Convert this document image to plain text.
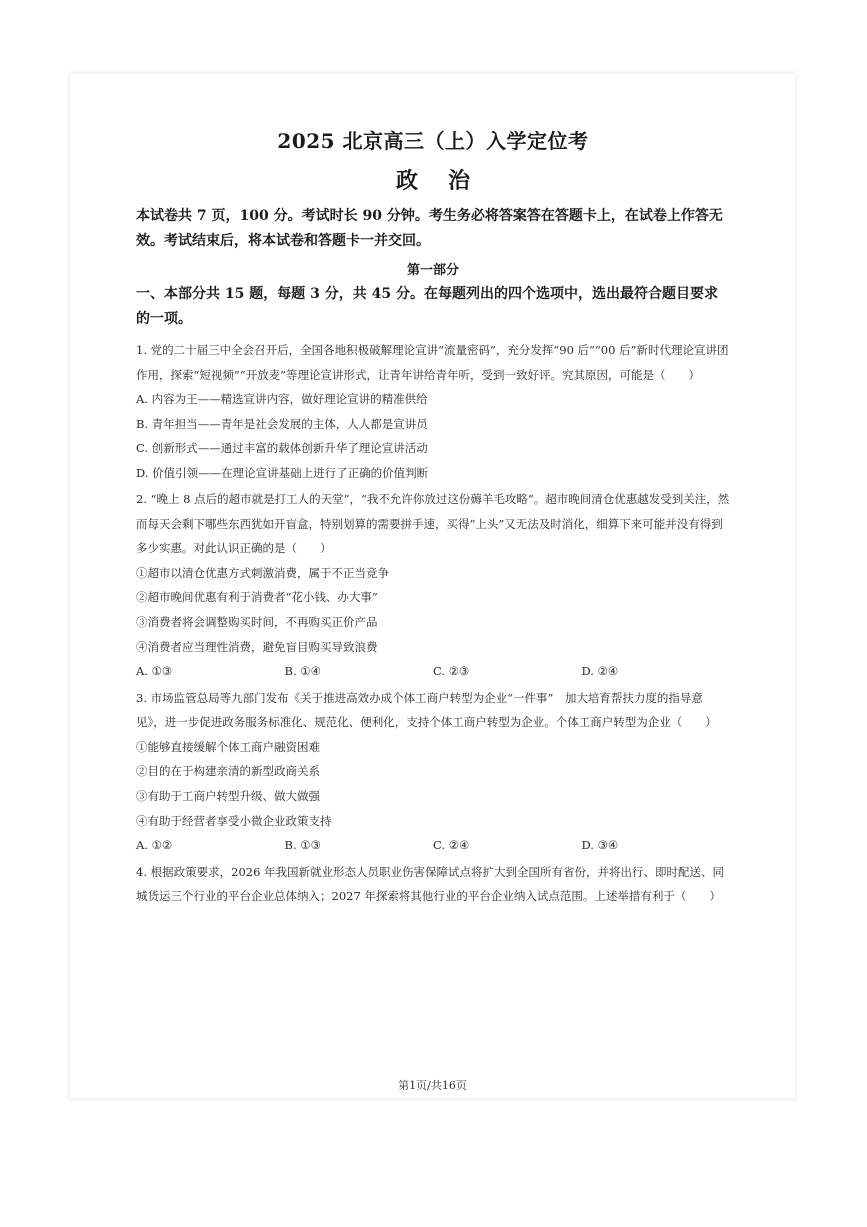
2025 北京高三（上）入学定位考
政治
本试卷共 7 页，100 分。考试时长 90 分钟。考生务必将答案答在答题卡上，在试卷上作答无效。考试结束后，将本试卷和答题卡一并交回。
第一部分
一、本部分共 15 题，每题 3 分，共 45 分。在每题列出的四个选项中，选出最符合题目要求的一项。
1. 党的二十届三中全会召开后，全国各地积极破解理论宣讲“流量密码”，充分发挥“90 后”“00 后”新时代理论宣讲团作用，探索“短视频”“开放麦”等理论宣讲形式，让青年讲给青年听，受到一致好评。究其原因，可能是（　　）
A. 内容为王——精选宣讲内容，做好理论宣讲的精准供给
B. 青年担当——青年是社会发展的主体，人人都是宣讲员
C. 创新形式——通过丰富的载体创新升华了理论宣讲活动
D. 价值引领——在理论宣讲基础上进行了正确的价值判断
2. “晚上 8 点后的超市就是打工人的天堂”，“我不允许你放过这份薅羊毛攻略”。超市晚间清仓优惠越发受到关注，然而每天会剩下哪些东西犹如开盲盒，特别划算的需要拼手速，买得“上头”又无法及时消化，细算下来可能并没有得到多少实惠。对此认识正确的是（　　）
①超市以清仓优惠方式刺激消费，属于不正当竞争
②超市晚间优惠有利于消费者“花小钱、办大事”
③消费者将会调整购买时间，不再购买正价产品
④消费者应当理性消费，避免盲目购买导致浪费
A. ①③	B. ①④	C. ②③	D. ②④
3. 市场监管总局等九部门发布《关于推进高效办成个体工商户转型为企业“一件事”　加大培育帮扶力度的指导意见》，进一步促进政务服务标准化、规范化、便利化，支持个体工商户转型为企业。个体工商户转型为企业（　　）
①能够直接缓解个体工商户融资困难
②目的在于构建亲清的新型政商关系
③有助于工商户转型升级、做大做强
④有助于经营者享受小微企业政策支持
A. ①②	B. ①③	C. ②④	D. ③④
4. 根据政策要求，2026 年我国新就业形态人员职业伤害保障试点将扩大到全国所有省份，并将出行、即时配送、同城货运三个行业的平台企业总体纳入；2027 年探索将其他行业的平台企业纳入试点范围。上述举措有利于（　　）
第1页/共16页
